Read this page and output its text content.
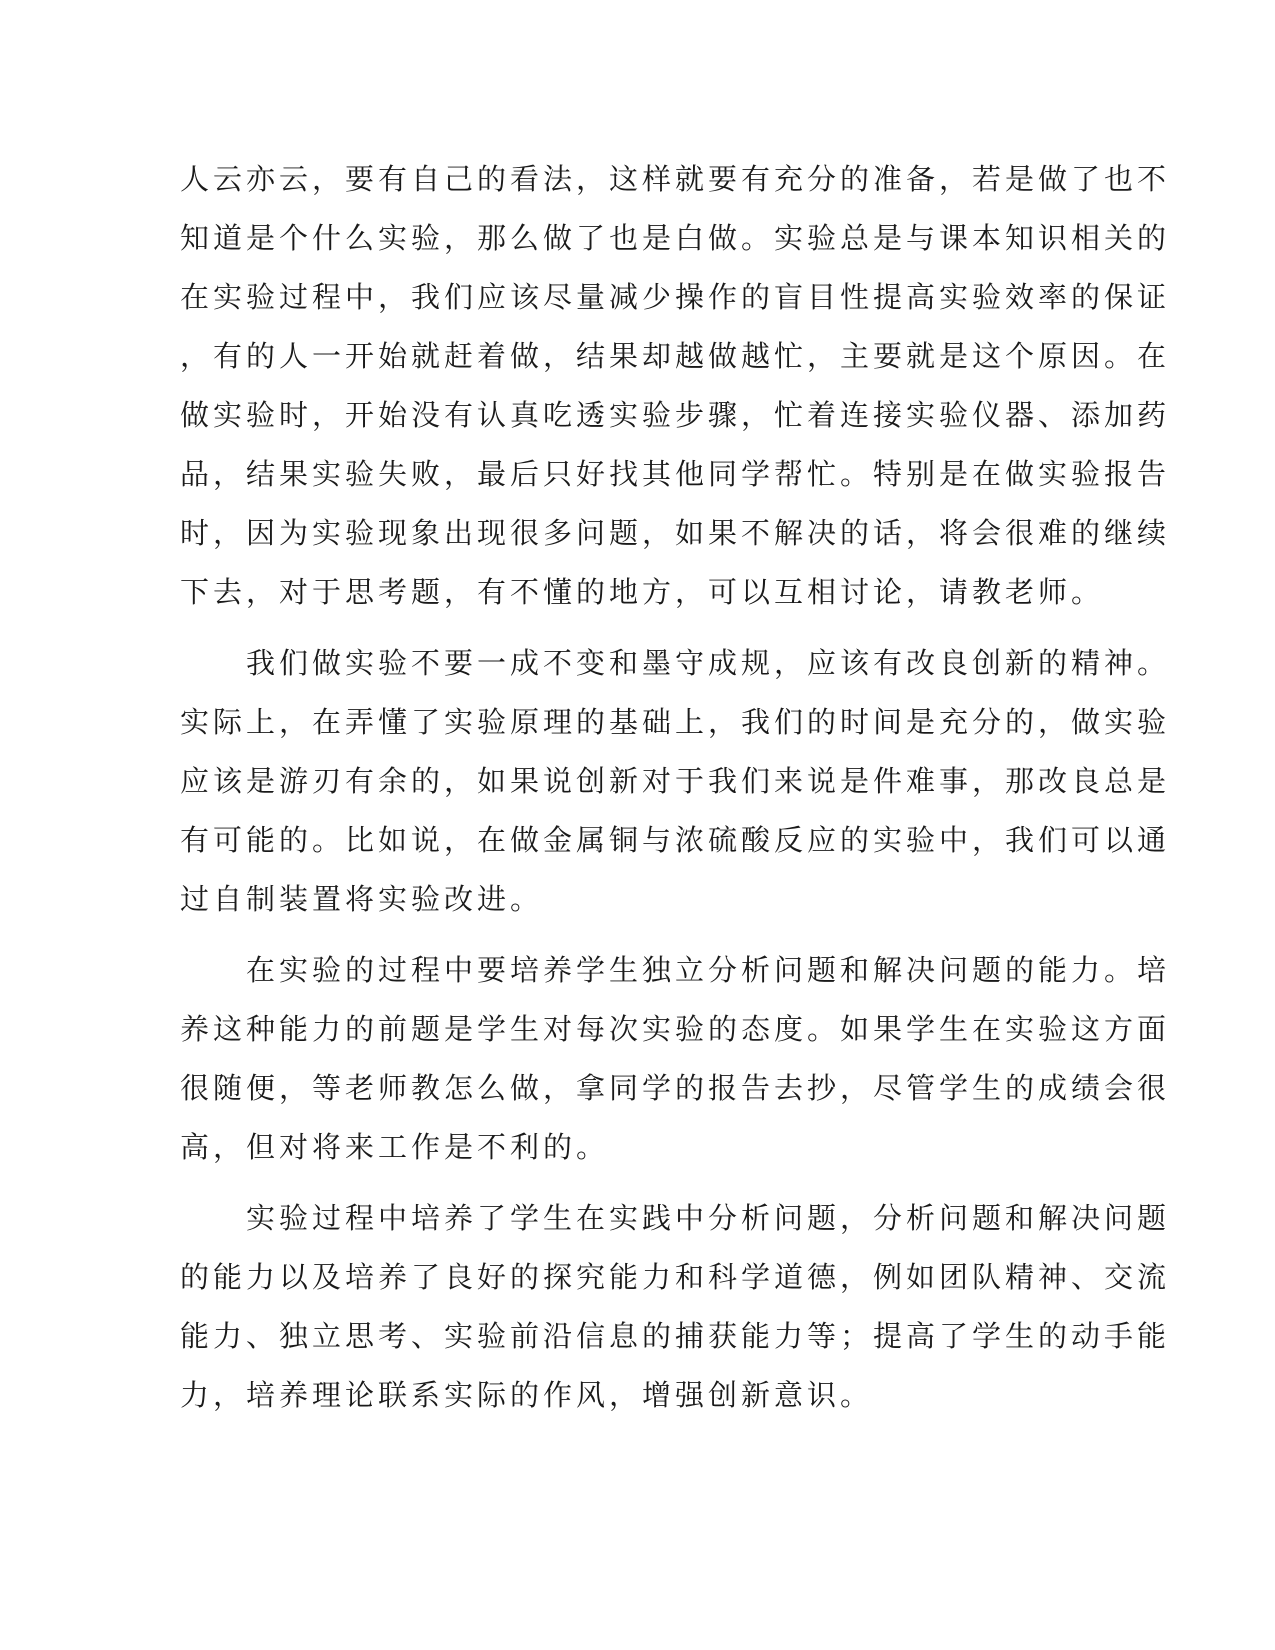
人云亦云，要有自己的看法，这样就要有充分的准备，若是做了也不
知道是个什么实验，那么做了也是白做。实验总是与课本知识相关的
在实验过程中，我们应该尽量减少操作的盲目性提高实验效率的保证
，有的人一开始就赶着做，结果却越做越忙，主要就是这个原因。在
做实验时，开始没有认真吃透实验步骤，忙着连接实验仪器、添加药
品，结果实验失败，最后只好找其他同学帮忙。特别是在做实验报告
时，因为实验现象出现很多问题，如果不解决的话，将会很难的继续
下去，对于思考题，有不懂的地方，可以互相讨论，请教老师。
　　我们做实验不要一成不变和墨守成规，应该有改良创新的精神。
实际上，在弄懂了实验原理的基础上，我们的时间是充分的，做实验
应该是游刃有余的，如果说创新对于我们来说是件难事，那改良总是
有可能的。比如说，在做金属铜与浓硫酸反应的实验中，我们可以通
过自制装置将实验改进。
　　在实验的过程中要培养学生独立分析问题和解决问题的能力。培
养这种能力的前题是学生对每次实验的态度。如果学生在实验这方面
很随便，等老师教怎么做，拿同学的报告去抄，尽管学生的成绩会很
高，但对将来工作是不利的。
　　实验过程中培养了学生在实践中分析问题，分析问题和解决问题
的能力以及培养了良好的探究能力和科学道德，例如团队精神、交流
能力、独立思考、实验前沿信息的捕获能力等；提高了学生的动手能
力，培养理论联系实际的作风，增强创新意识。
